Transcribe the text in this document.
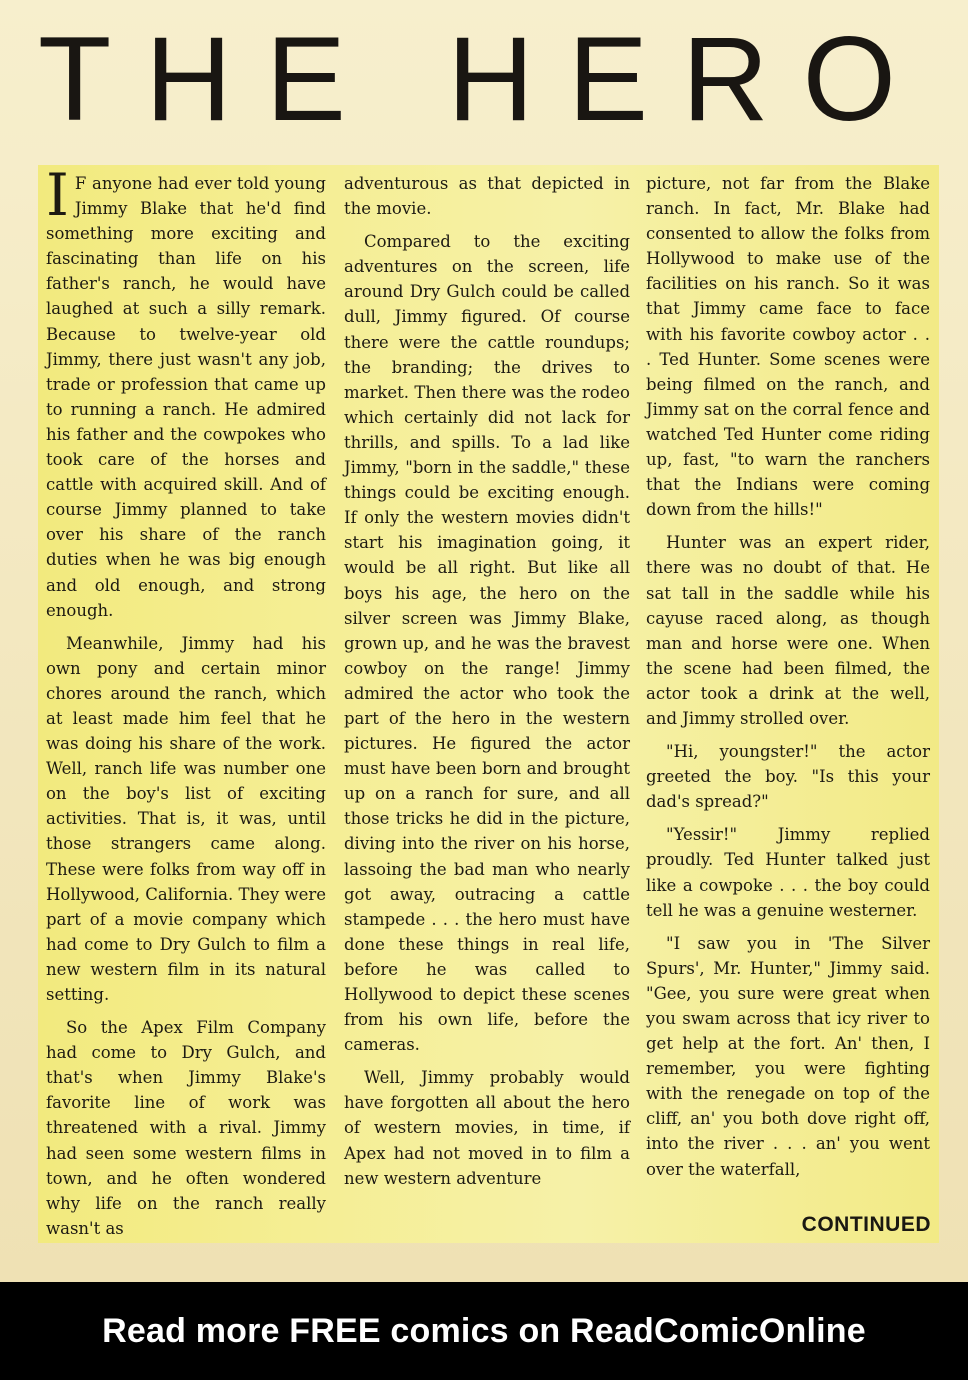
THE HERO

I F anyone had ever told young Jimmy Blake that he'd find something more exciting and fascinating than life on his father's ranch, he would have laughed at such a silly remark. Because to twelve-year old Jimmy, there just wasn't any job, trade or profession that came up to running a ranch. He admired his father and the cowpokes who took care of the horses and cattle with acquired skill. And of course Jimmy planned to take over his share of the ranch duties when he was big enough and old enough, and strong enough.

Meanwhile, Jimmy had his own pony and certain minor chores around the ranch, which at least made him feel that he was doing his share of the work. Well, ranch life was number one on the boy's list of exciting activities. That is, it was, until those strangers came along. These were folks from way off in Hollywood, California. They were part of a movie company which had come to Dry Gulch to film a new western film in its natural setting.

So the Apex Film Company had come to Dry Gulch, and that's when Jimmy Blake's favorite line of work was threatened with a rival. Jimmy had seen some western films in town, and he often wondered why life on the ranch really wasn't as

adventurous as that depicted in the movie.

Compared to the exciting adventures on the screen, life around Dry Gulch could be called dull, Jimmy figured. Of course there were the cattle roundups; the branding; the drives to market. Then there was the rodeo which certainly did not lack for thrills, and spills. To a lad like Jimmy, "born in the saddle," these things could be exciting enough. If only the western movies didn't start his imagination going, it would be all right. But like all boys his age, the hero on the silver screen was Jimmy Blake, grown up, and he was the bravest cowboy on the range! Jimmy admired the actor who took the part of the hero in the western pictures. He figured the actor must have been born and brought up on a ranch for sure, and all those tricks he did in the picture, diving into the river on his horse, lassoing the bad man who nearly got away, outracing a cattle stampede . . . the hero must have done these things in real life, before he was called to Hollywood to depict these scenes from his own life, before the cameras.

Well, Jimmy probably would have forgotten all about the hero of western movies, in time, if Apex had not moved in to film a new western adventure

picture, not far from the Blake ranch. In fact, Mr. Blake had consented to allow the folks from Hollywood to make use of the facilities on his ranch. So it was that Jimmy came face to face with his favorite cowboy actor . . . Ted Hunter. Some scenes were being filmed on the ranch, and Jimmy sat on the corral fence and watched Ted Hunter come riding up, fast, "to warn the ranchers that the Indians were coming down from the hills!"

Hunter was an expert rider, there was no doubt of that. He sat tall in the saddle while his cayuse raced along, as though man and horse were one. When the scene had been filmed, the actor took a drink at the well, and Jimmy strolled over.

"Hi, youngster!" the actor greeted the boy. "Is this your dad's spread?"

"Yessir!" Jimmy replied proudly. Ted Hunter talked just like a cowpoke . . . the boy could tell he was a genuine westerner.

"I saw you in 'The Silver Spurs', Mr. Hunter," Jimmy said. "Gee, you sure were great when you swam across that icy river to get help at the fort. An' then, I remember, you were fighting with the renegade on top of the cliff, an' you both dove right off, into the river . . . an' you went over the waterfall,

CONTINUED
Read more FREE comics on ReadComicOnline
